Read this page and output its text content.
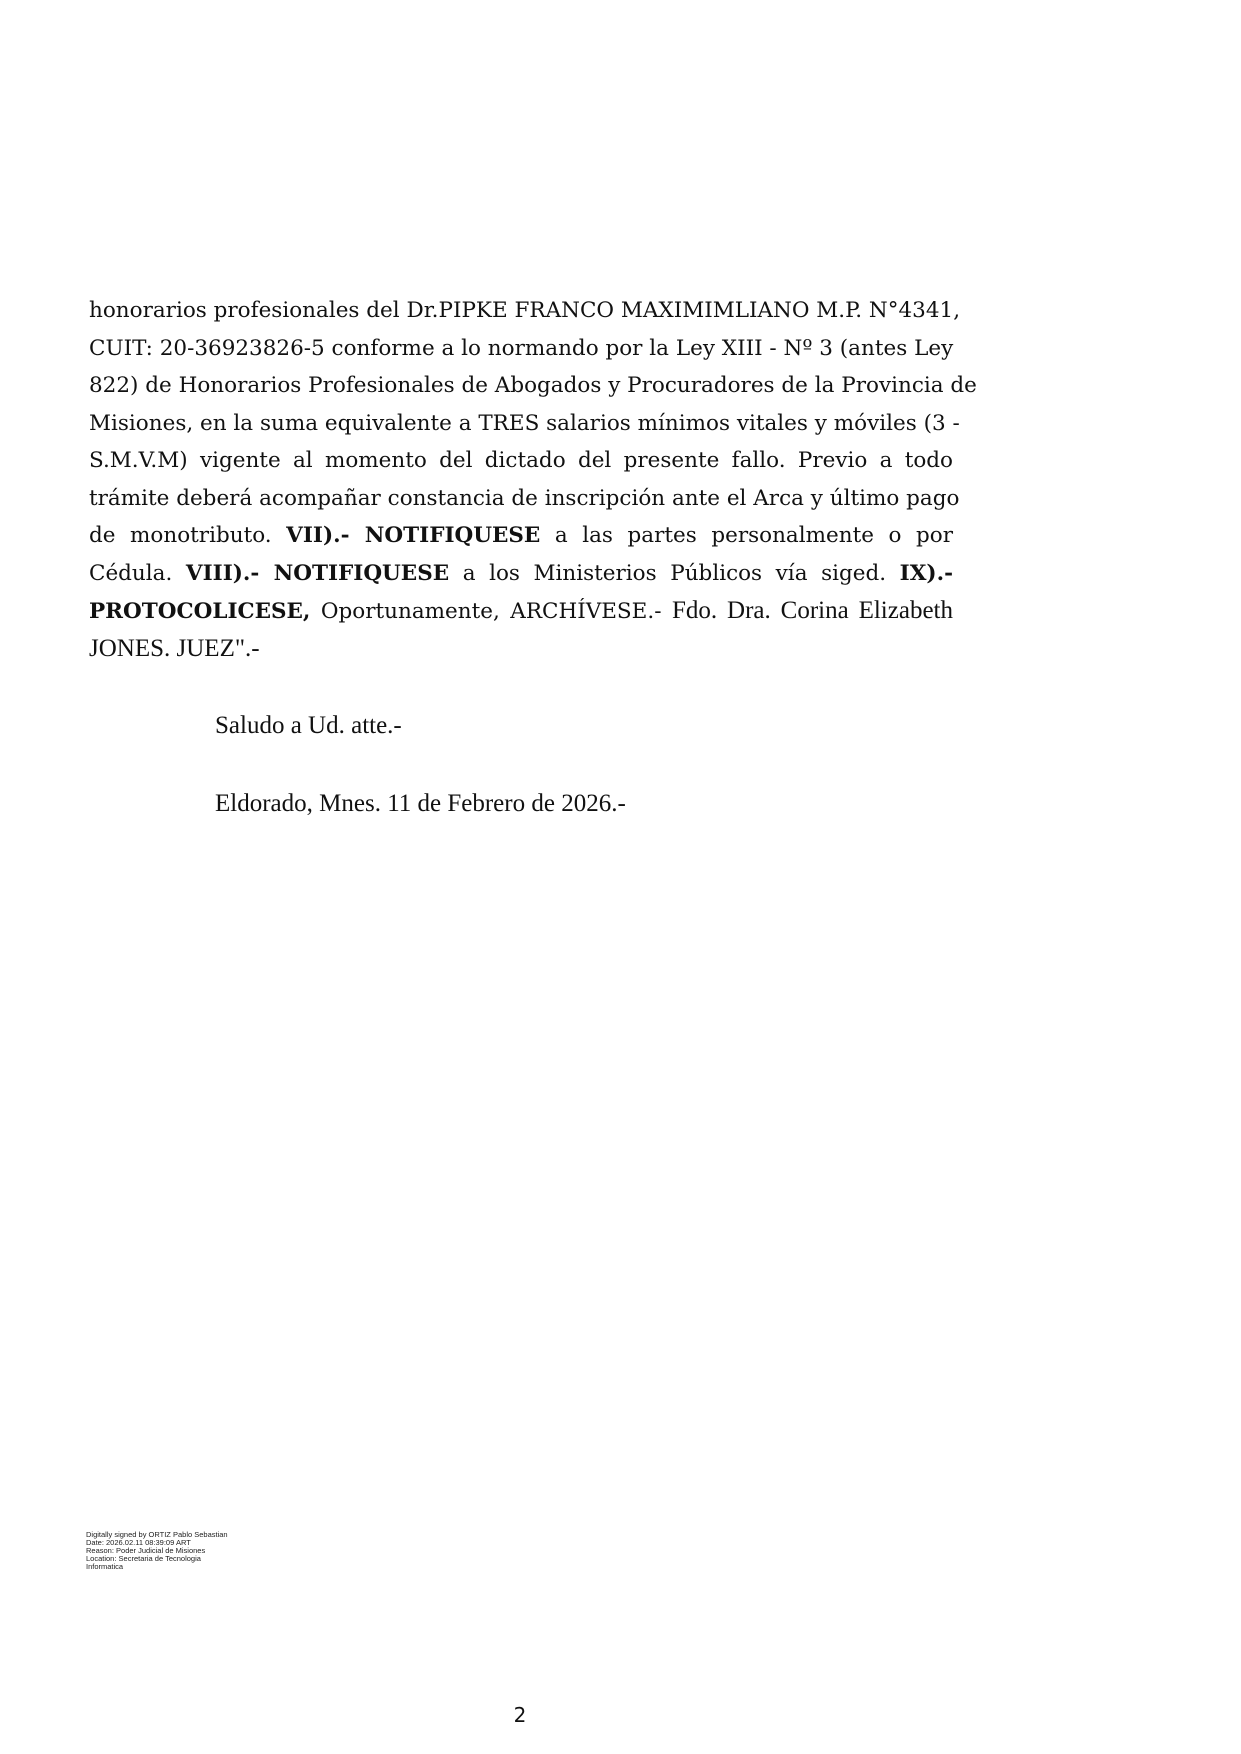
honorarios profesionales del Dr.PIPKE FRANCO MAXIMIMLIANO M.P. N°4341,
CUIT: 20-36923826-5 conforme a lo normando por la Ley XIII - Nº 3 (antes Ley
822) de Honorarios Profesionales de Abogados y Procuradores de la Provincia de
Misiones, en la suma equivalente a TRES salarios mínimos vitales y móviles (3 -
S.M.V.M) vigente al momento del dictado del presente fallo. Previo a todo
trámite deberá acompañar constancia de inscripción ante el Arca y último pago
de monotributo. VII).- NOTIFIQUESE a las partes personalmente o por
Cédula. VIII).- NOTIFIQUESE a los Ministerios Públicos vía siged. IX).-
PROTOCOLICESE, Oportunamente, ARCHÍVESE.- Fdo. Dra. Corina Elizabeth
JONES. JUEZ".-

Saludo a Ud. atte.-

Eldorado, Mnes. 11 de Febrero de 2026.-

Digitally signed by ORTIZ Pablo Sebastian
Date: 2026.02.11 08:39:09 ART
Reason: Poder Judicial de Misiones
Location: Secretaria de Tecnologia
Informatica
2
